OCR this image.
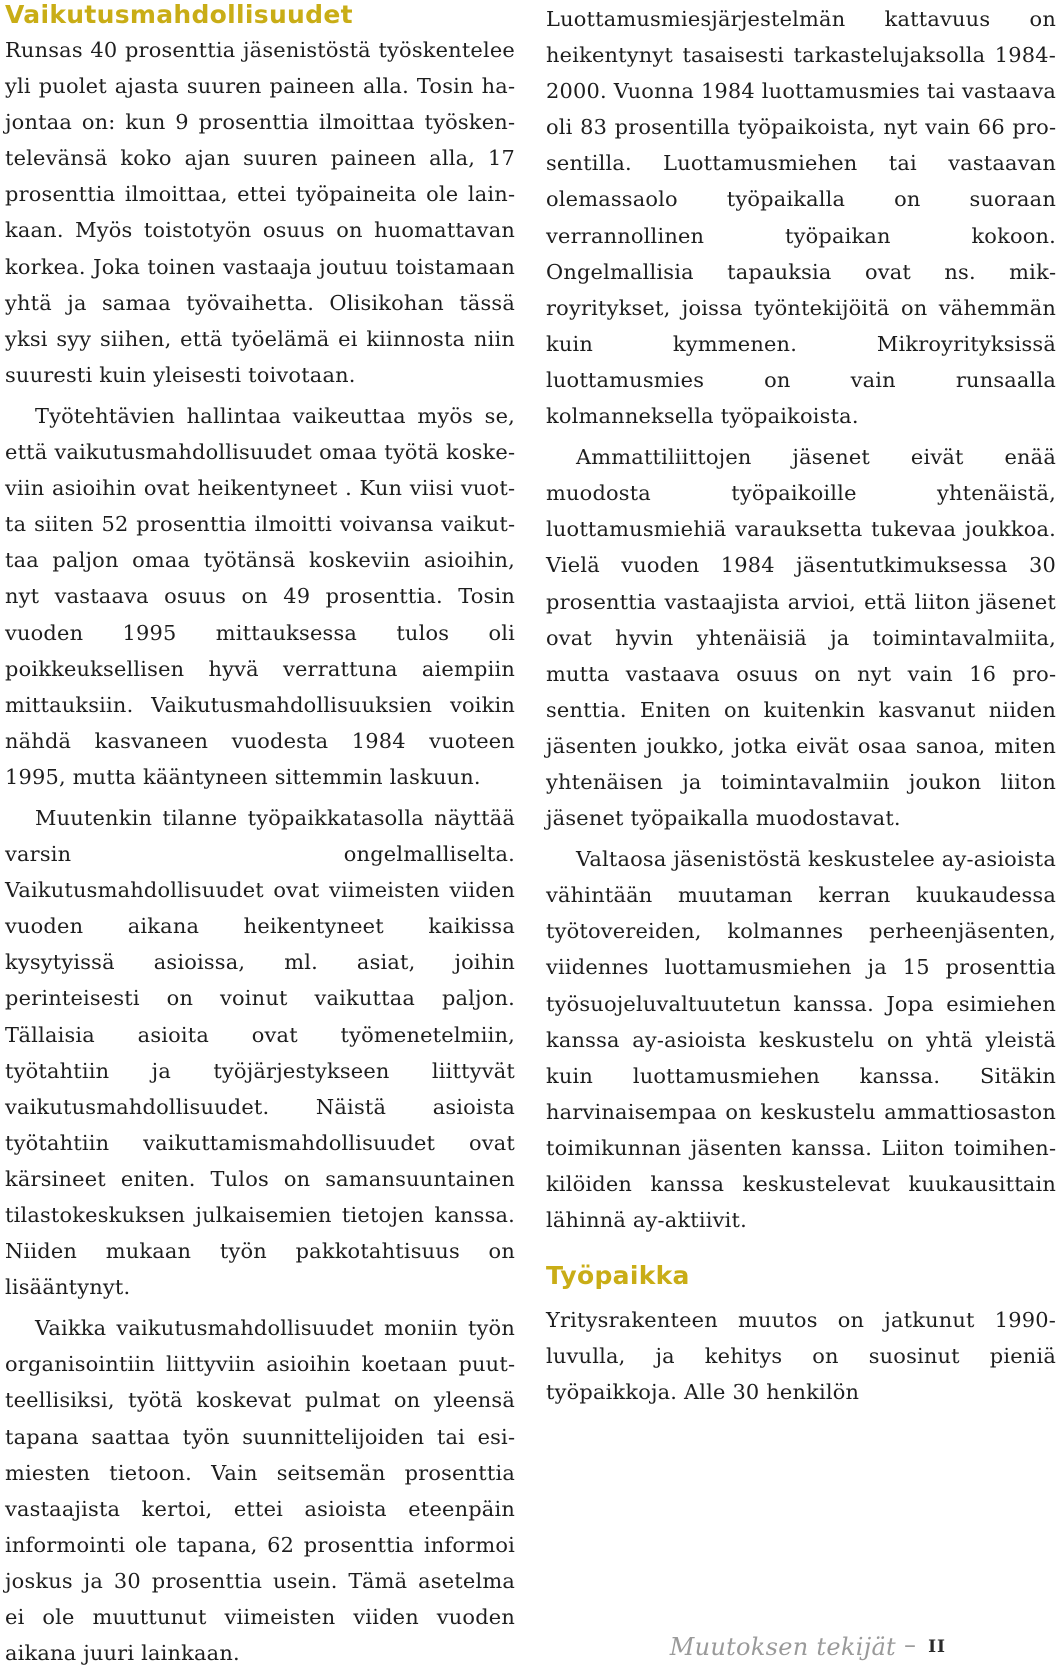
Vaikutusmahdollisuudet

Runsas 40 prosenttia jäsenistöstä työskentelee yli puolet ajasta suuren paineen alla. Tosin hajontaa on: kun 9 prosenttia ilmoittaa työskentelevänsä koko ajan suuren paineen alla, 17 prosenttia ilmoittaa, ettei työpaineita ole lainkaan. Myös toistotyön osuus on huomattavan korkea. Joka toinen vastaaja joutuu toistamaan yhtä ja samaa työvaihetta. Olisikohan tässä yksi syy siihen, että työelämä ei kiinnosta niin suuresti kuin yleisesti toivotaan.

Työtehtävien hallintaa vaikeuttaa myös se, että vaikutusmahdollisuudet omaa työtä koskeviin asioihin ovat heikentyneet . Kun viisi vuotta siiten 52 prosenttia ilmoitti voivansa vaikuttaa paljon omaa työtänsä koskeviin asioihin, nyt vastaava osuus on 49 prosenttia. Tosin vuoden 1995 mittauksessa tulos oli poikkeuksellisen hyvä verrattuna aiempiin mittauksiin. Vaikutusmahdollisuuksien voikin nähdä kasvaneen vuodesta 1984 vuoteen 1995, mutta kääntyneen sittemmin laskuun.

Muutenkin tilanne työpaikkatasolla näyttää varsin ongelmalliselta. Vaikutusmahdollisuudet ovat viimeisten viiden vuoden aikana heikentyneet kaikissa kysytyissä asioissa, ml. asiat, joihin perinteisesti on voinut vaikuttaa paljon. Tällaisia asioita ovat työmenetelmiin, työtahtiin ja työjärjestykseen liittyvät vaikutusmahdollisuudet. Näistä asioista työtahtiin vaikuttamismahdollisuudet ovat kärsineet eniten. Tulos on samansuuntainen tilastokeskuksen julkaisemien tietojen kanssa. Niiden mukaan työn pakkotahtisuus on lisääntynyt.

Vaikka vaikutusmahdollisuudet moniin työn organisointiin liittyviin asioihin koetaan puutteellisiksi, työtä koskevat pulmat on yleensä tapana saattaa työn suunnittelijoiden tai esimiesten tietoon. Vain seitsemän prosenttia vastaajista kertoi, ettei asioista eteenpäin informointi ole tapana, 62 prosenttia informoi joskus ja 30 prosenttia usein. Tämä asetelma ei ole muuttunut viimeisten viiden vuoden aikana juuri lainkaan.

Luottamusmiesjärjestelmän kattavuus on heikentynyt tasaisesti tarkastelujaksolla 1984-2000. Vuonna 1984 luottamusmies tai vastaava oli 83 prosentilla työpaikoista, nyt vain 66 prosentilla. Luottamusmiehen tai vastaavan olemassaolo työpaikalla on suoraan verrannollinen työpaikan kokoon. Ongelmallisia tapauksia ovat ns. mikroyritykset, joissa työntekijöitä on vähemmän kuin kymmenen. Mikroyrityksissä luottamusmies on vain runsaalla kolmanneksella työpaikoista.

Ammattiliittojen jäsenet eivät enää muodosta työpaikoille yhtenäistä, luottamusmiehiä varauksetta tukevaa joukkoa. Vielä vuoden 1984 jäsentutkimuksessa 30 prosenttia vastaajista arvioi, että liiton jäsenet ovat hyvin yhtenäisiä ja toimintavalmiita, mutta vastaava osuus on nyt vain 16 prosenttia. Eniten on kuitenkin kasvanut niiden jäsenten joukko, jotka eivät osaa sanoa, miten yhtenäisen ja toimintavalmiin joukon liiton jäsenet työpaikalla muodostavat.

Valtaosa jäsenistöstä keskustelee ay-asioista vähintään muutaman kerran kuukaudessa työtovereiden, kolmannes perheenjäsenten, viidennes luottamusmiehen ja 15 prosenttia työsuojeluvaltuutetun kanssa. Jopa esimiehen kanssa ay-asioista keskustelu on yhtä yleistä kuin luottamusmiehen kanssa. Sitäkin harvinaisempaa on keskustelu ammattiosaston toimikunnan jäsenten kanssa. Liiton toimihenkilöiden kanssa keskustelevat kuukausittain lähinnä ay-aktiivit.

Työpaikka

Yritysrakenteen muutos on jatkunut 1990-luvulla, ja kehitys on suosinut pieniä työpaikkoja. Alle 30 henkilön

Muutoksen tekijät – II
